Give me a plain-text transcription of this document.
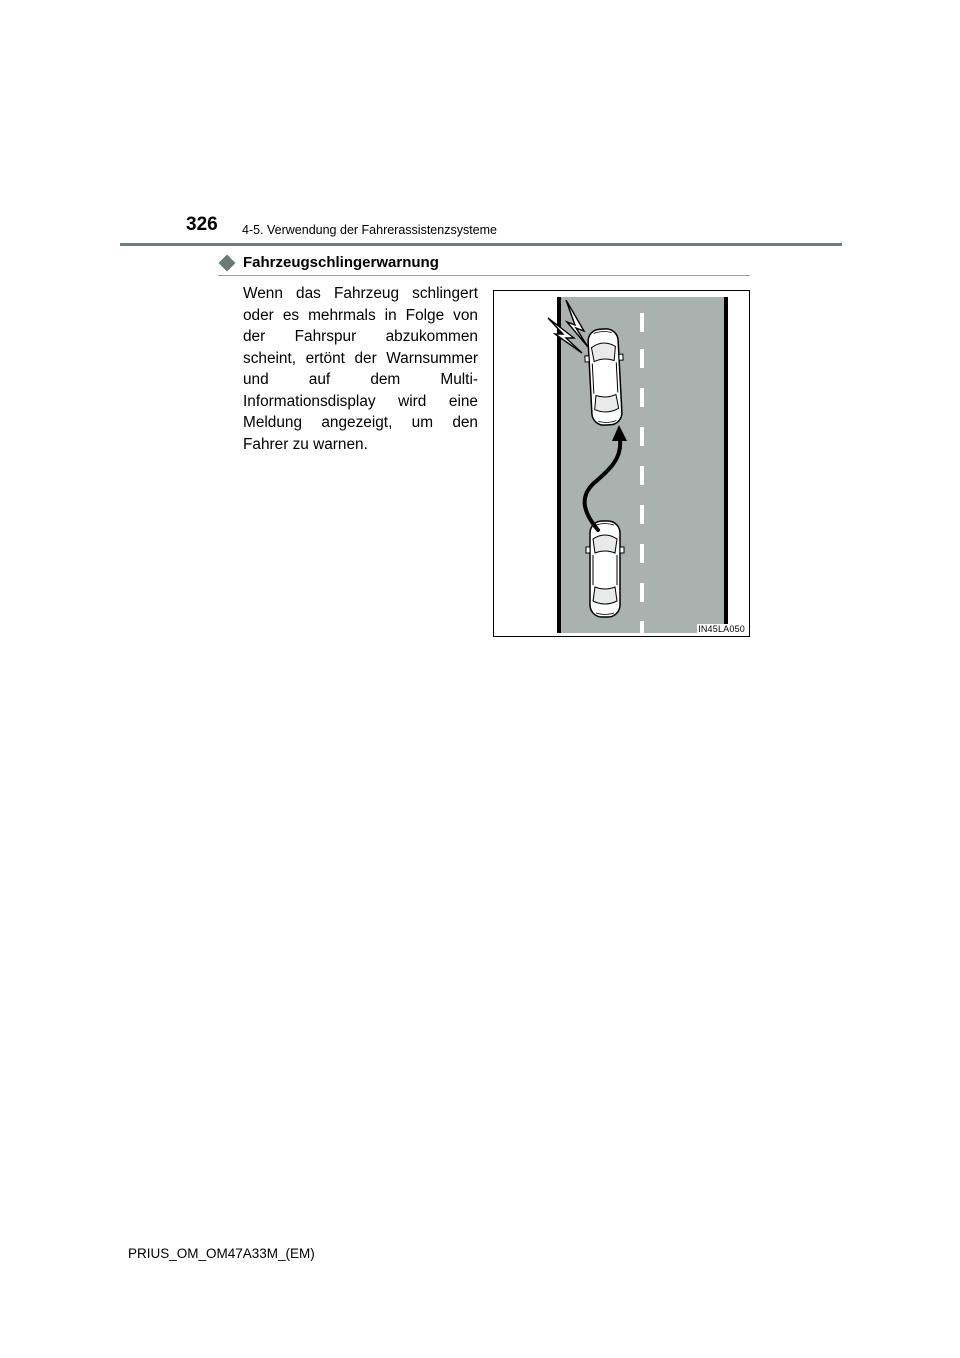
326 4-5. Verwendung der Fahrerassistenzsysteme
Fahrzeugschlingerwarnung
Wenn das Fahrzeug schlingert oder es mehrmals in Folge von der Fahrspur abzukommen scheint, ertönt der Warnsummer und auf dem Multi-Informationsdisplay wird eine Meldung angezeigt, um den Fahrer zu warnen.
IN45LA050
PRIUS_OM_OM47A33M_(EM)
